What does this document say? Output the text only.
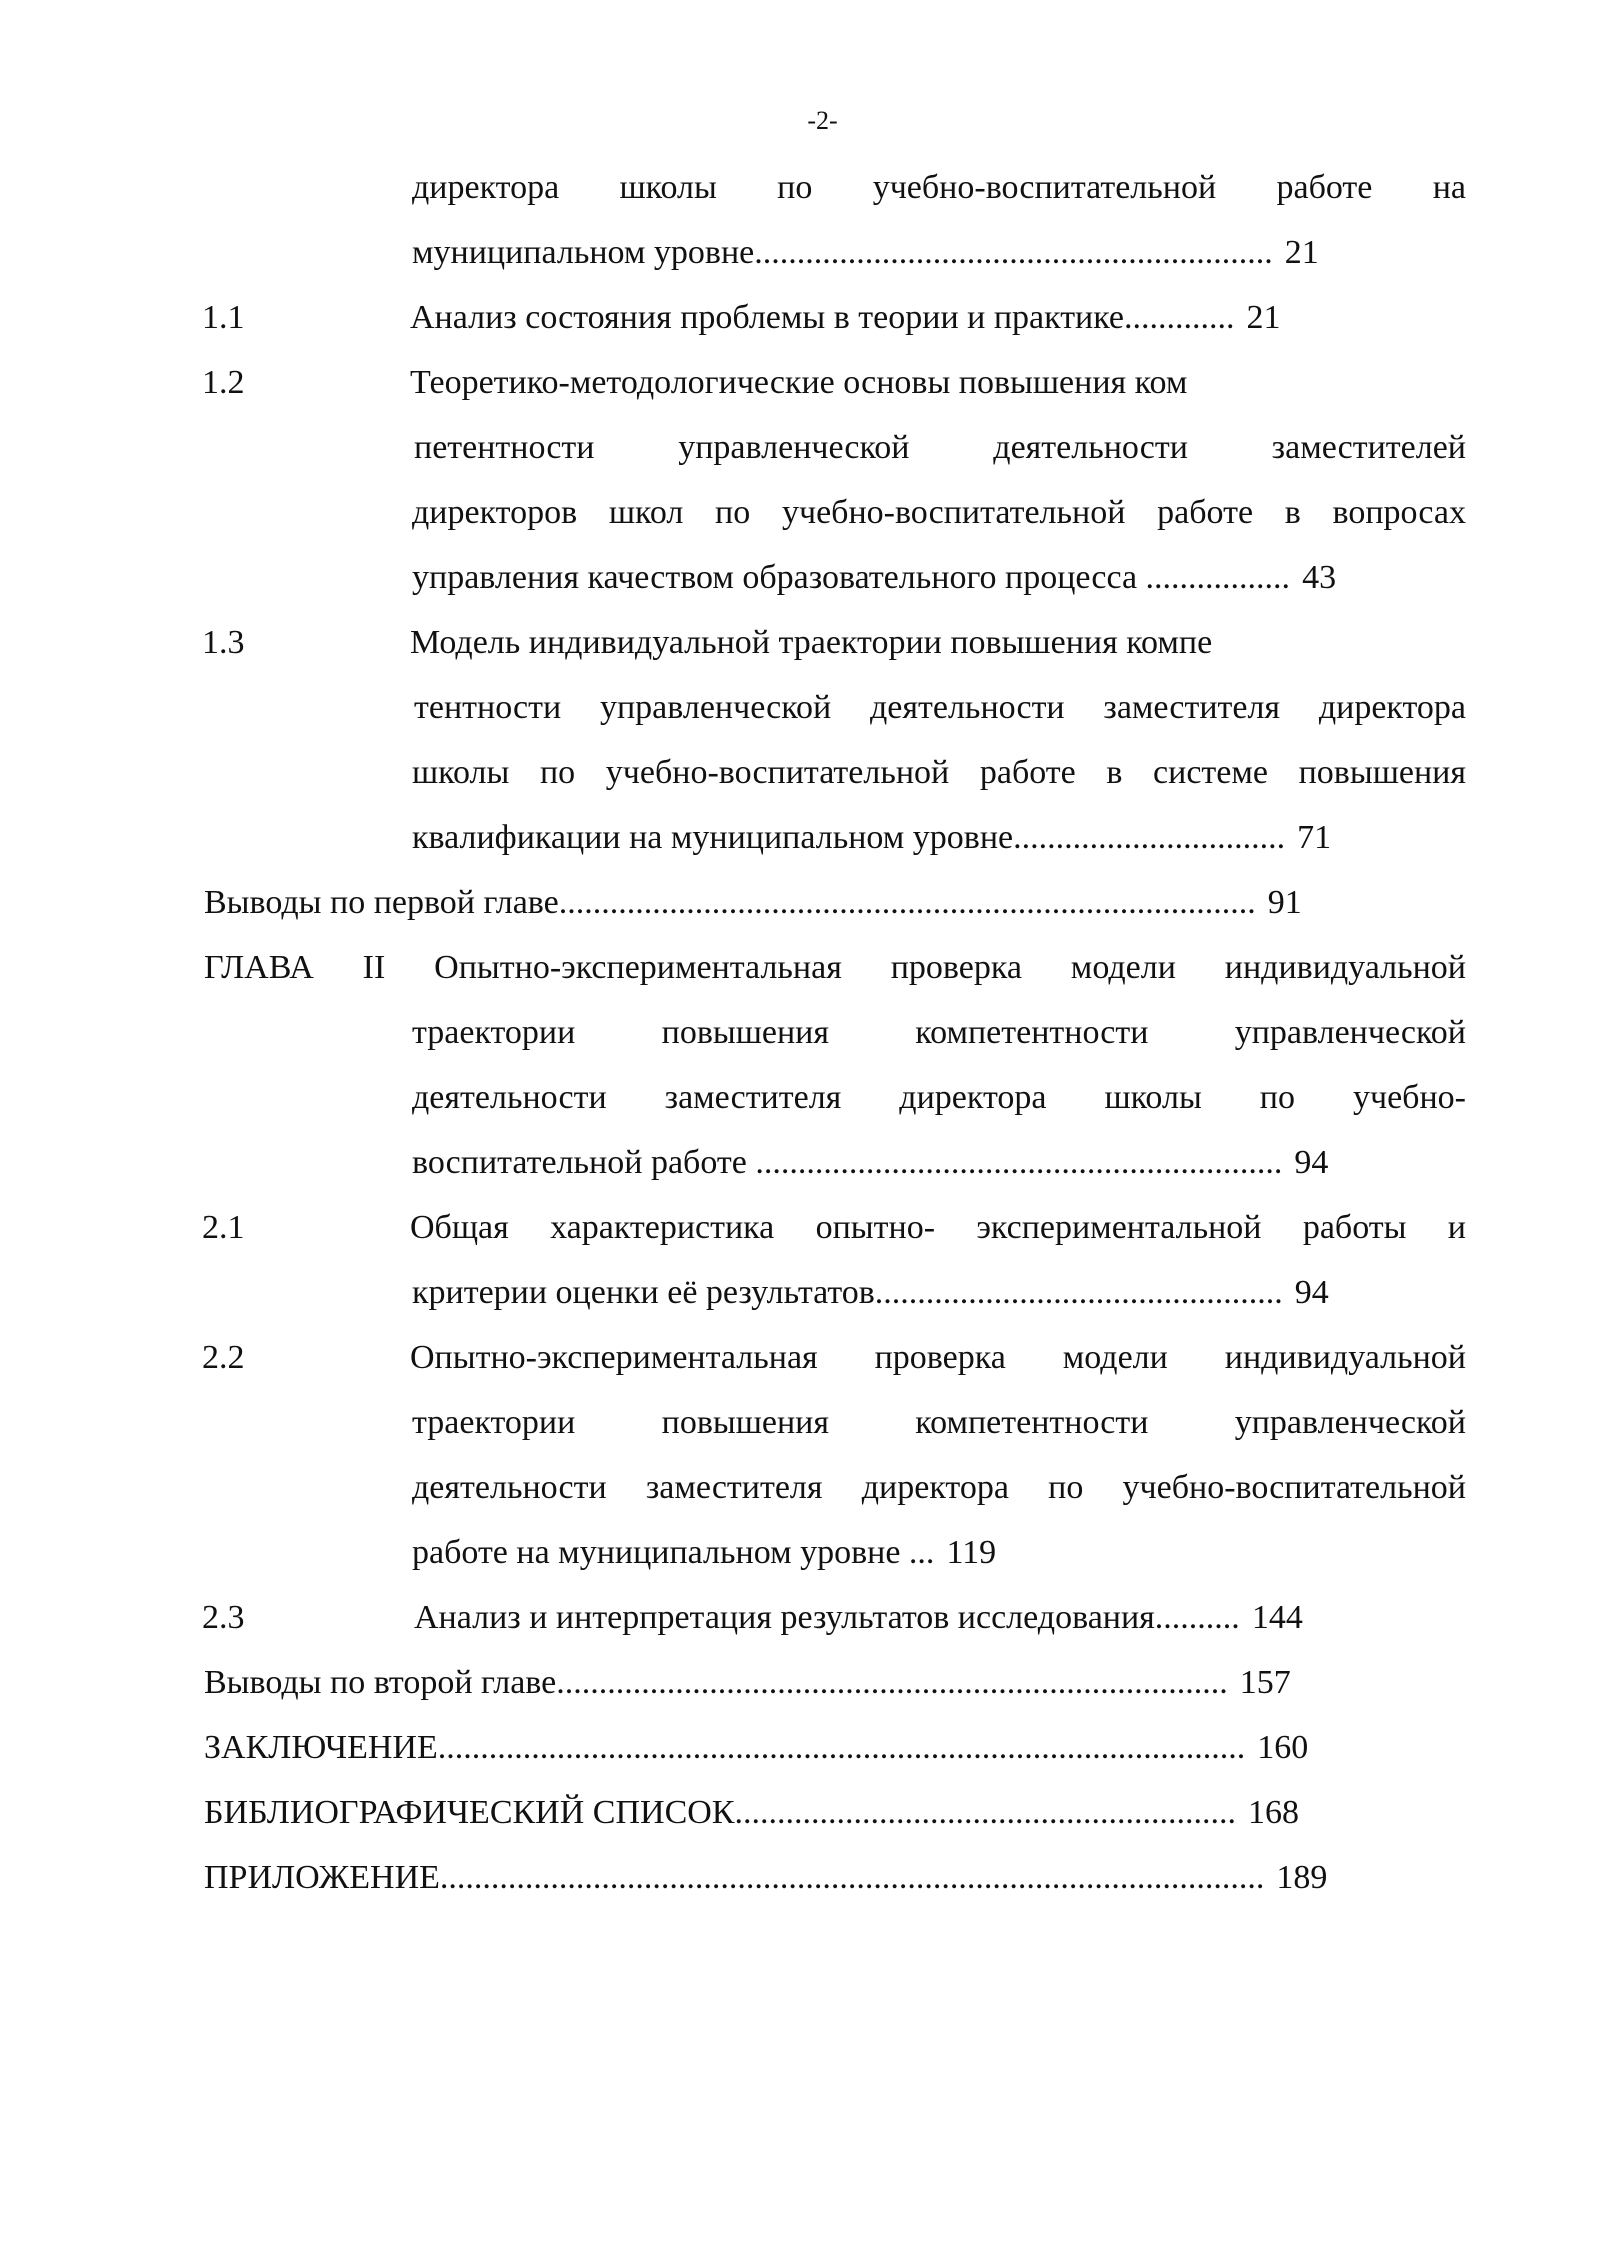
-2-
директора школы по учебно-воспитательной работе на
муниципальном уровне............................................................. 21
1.1	Анализ состояния проблемы в теории и практике............. 21
1.2	Теоретико-методологические основы повышения ком
петентности управленческой деятельности заместителей
директоров школ по учебно-воспитательной работе в вопросах
управления качеством образовательного процесса ................. 43
1.3	Модель индивидуальной траектории повышения компе
тентности управленческой деятельности заместителя директора
школы по учебно-воспитательной работе в системе повышения
квалификации на муниципальном уровне................................ 71
Выводы по первой главе.................................................................................. 91
ГЛАВА II Опытно-экспериментальная проверка модели индивидуальной
траектории повышения компетентности управленческой
деятельности заместителя директора школы по учебно-
воспитательной работе .............................................................. 94
2.1	Общая характеристика опытно- экспериментальной работы и
критерии оценки её результатов................................................ 94
2.2	Опытно-экспериментальная проверка модели индивидуальной
траектории повышения компетентности управленческой
деятельности заместителя директора по учебно-воспитательной
работе на муниципальном уровне ... 119
2.3	Анализ и интерпретация результатов исследования.......... 144
Выводы по второй главе............................................................................... 157
ЗАКЛЮЧЕНИЕ............................................................................................... 160
БИБЛИОГРАФИЧЕСКИЙ СПИСОК........................................................... 168
ПРИЛОЖЕНИЕ................................................................................................. 189
